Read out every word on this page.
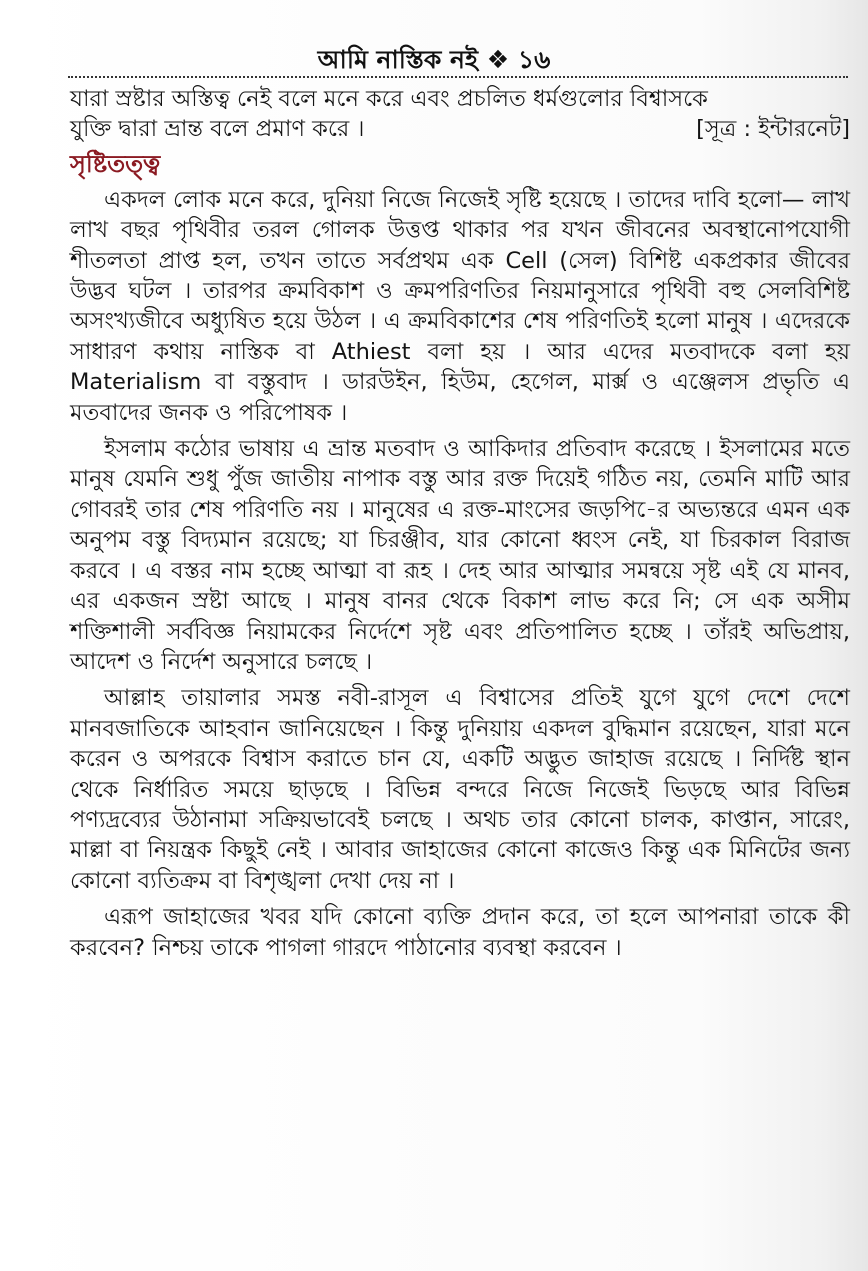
আমি নাস্তিক নই ❖ ১৬
যারা স্রষ্টার অস্তিত্ব নেই বলে মনে করে এবং প্রচলিত ধর্মগুলোর বিশ্বাসকে
যুক্তি দ্বারা ভ্রান্ত বলে প্রমাণ করে ।	[সূত্র : ইন্টারনেট]
সৃষ্টিতত্ত্ব

একদল লোক মনে করে, দুনিয়া নিজে নিজেই সৃষ্টি হয়েছে । তাদের দাবি হলো— লাখ লাখ বছর পৃথিবীর তরল গোলক উত্তপ্ত থাকার পর যখন জীবনের অবস্থানোপযোগী শীতলতা প্রাপ্ত হল, তখন তাতে সর্বপ্রথম এক Cell (সেল) বিশিষ্ট একপ্রকার জীবের উদ্ভব ঘটল । তারপর ক্রমবিকাশ ও ক্রমপরিণতির নিয়মানুসারে পৃথিবী বহু সেলবিশিষ্ট অসংখ্যজীবে অধ্যুষিত হয়ে উঠল । এ ক্রমবিকাশের শেষ পরিণতিই হলো মানুষ । এদেরকে সাধারণ কথায় নাস্তিক বা Athiest বলা হয় । আর এদের মতবাদকে বলা হয় Materialism বা বস্তুবাদ । ডারউইন, হিউম, হেগেল, মার্ক্স ও এঞ্জেলস প্রভৃতি এ মতবাদের জনক ও পরিপোষক ।

ইসলাম কঠোর ভাষায় এ ভ্রান্ত মতবাদ ও আকিদার প্রতিবাদ করেছে । ইসলামের মতে মানুষ যেমনি শুধু পুঁজ জাতীয় নাপাক বস্তু আর রক্ত দিয়েই গঠিত নয়, তেমনি মাটি আর গোবরই তার শেষ পরিণতি নয় । মানুষের এ রক্ত-মাংসের জড়পি-ের অভ্যন্তরে এমন এক অনুপম বস্তু বিদ্যমান রয়েছে; যা চিরঞ্জীব, যার কোনো ধ্বংস নেই, যা চিরকাল বিরাজ করবে । এ বস্তর নাম হচ্ছে আত্মা বা রূহ । দেহ আর আত্মার সমন্বয়ে সৃষ্ট এই যে মানব, এর একজন স্রষ্টা আছে । মানুষ বানর থেকে বিকাশ লাভ করে নি; সে এক অসীম শক্তিশালী সর্ববিজ্ঞ নিয়ামকের নির্দেশে সৃষ্ট এবং প্রতিপালিত হচ্ছে । তাঁরই অভিপ্রায়, আদেশ ও নির্দেশ অনুসারে চলছে ।

আল্লাহ তায়ালার সমস্ত নবী-রাসূল এ বিশ্বাসের প্রতিই যুগে যুগে দেশে দেশে মানবজাতিকে আহবান জানিয়েছেন । কিন্তু দুনিয়ায় একদল বুদ্ধিমান রয়েছেন, যারা মনে করেন ও অপরকে বিশ্বাস করাতে চান যে, একটি অদ্ভুত জাহাজ রয়েছে । নির্দিষ্ট স্থান থেকে নির্ধারিত সময়ে ছাড়ছে । বিভিন্ন বন্দরে নিজে নিজেই ভিড়ছে আর বিভিন্ন পণ্যদ্রব্যের উঠানামা সক্রিয়ভাবেই চলছে । অথচ তার কোনো চালক, কাপ্তান, সারেং, মাল্লা বা নিয়ন্ত্রক কিছুই নেই । আবার জাহাজের কোনো কাজেও কিন্তু এক মিনিটের জন্য কোনো ব্যতিক্রম বা বিশৃঙ্খলা দেখা দেয় না ।

এরূপ জাহাজের খবর যদি কোনো ব্যক্তি প্রদান করে, তা হলে আপনারা তাকে কী করবেন? নিশ্চয় তাকে পাগলা গারদে পাঠানোর ব্যবস্থা করবেন ।
